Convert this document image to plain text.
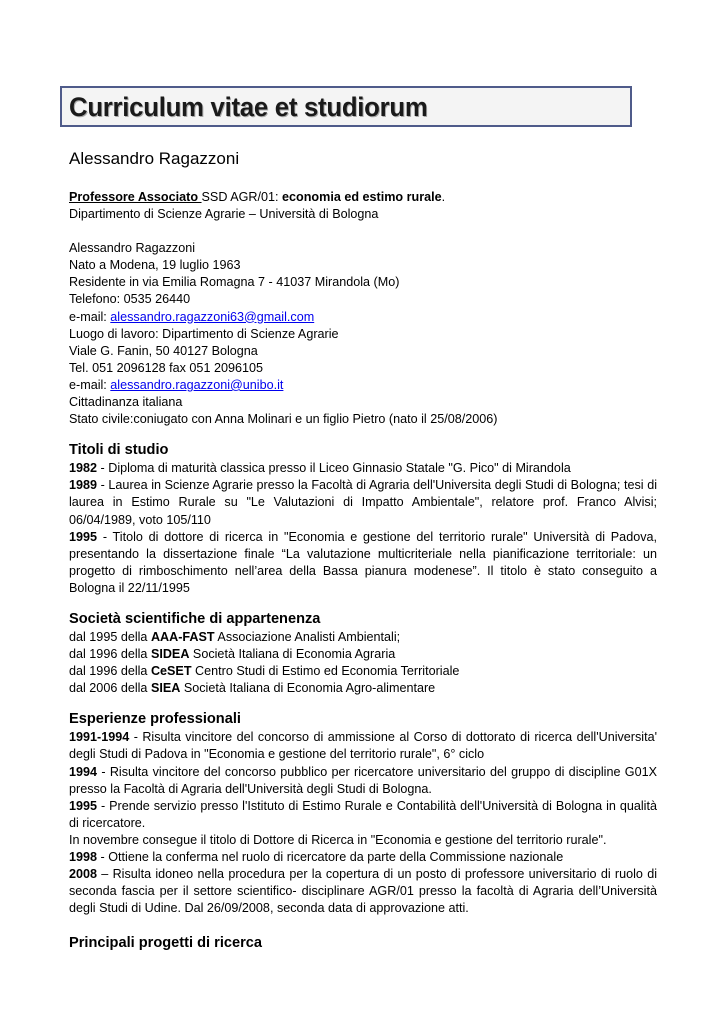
Curriculum vitae et studiorum
Alessandro Ragazzoni
Professore Associato SSD AGR/01: economia ed estimo rurale.
Dipartimento di Scienze Agrarie – Università di Bologna
Alessandro Ragazzoni
Nato a Modena, 19 luglio 1963
Residente in via Emilia Romagna 7 - 41037 Mirandola (Mo)
Telefono: 0535 26440
e-mail: alessandro.ragazzoni63@gmail.com
Luogo di lavoro: Dipartimento di Scienze Agrarie
Viale G. Fanin, 50 40127 Bologna
Tel. 051 2096128 fax 051 2096105
e-mail: alessandro.ragazzoni@unibo.it
Cittadinanza italiana
Stato civile:coniugato con Anna Molinari e un figlio Pietro (nato il 25/08/2006)
Titoli di studio
1982 - Diploma di maturità classica presso il Liceo Ginnasio Statale "G. Pico" di Mirandola
1989 - Laurea in Scienze Agrarie presso la Facoltà di Agraria dell'Universita degli Studi di Bologna; tesi di laurea in Estimo Rurale su "Le Valutazioni di Impatto Ambientale", relatore prof. Franco Alvisi; 06/04/1989, voto 105/110
1995 - Titolo di dottore di ricerca in "Economia e gestione del territorio rurale" Università di Padova, presentando la dissertazione finale “La valutazione multicriteriale nella pianificazione territoriale: un progetto di rimboschimento nell’area della Bassa pianura modenese”. Il titolo è stato conseguito a Bologna il 22/11/1995
Società scientifiche di appartenenza
dal 1995 della AAA-FAST Associazione Analisti Ambientali;
dal 1996 della SIDEA Società Italiana di Economia Agraria
dal 1996 della CeSET Centro Studi di Estimo ed Economia Territoriale
dal 2006 della SIEA Società Italiana di Economia Agro-alimentare
Esperienze professionali
1991-1994 - Risulta vincitore del concorso di ammissione al Corso di dottorato di ricerca dell'Universita' degli Studi di Padova in "Economia e gestione del territorio rurale", 6° ciclo
1994 - Risulta vincitore del concorso pubblico per ricercatore universitario del gruppo di discipline G01X presso la Facoltà di Agraria dell'Università degli Studi di Bologna.
1995 - Prende servizio presso l'Istituto di Estimo Rurale e Contabilità dell'Università di Bologna in qualità di ricercatore.
In novembre consegue il titolo di Dottore di Ricerca in "Economia e gestione del territorio rurale".
1998 - Ottiene la conferma nel ruolo di ricercatore da parte della Commissione nazionale
2008 – Risulta idoneo nella procedura per la copertura di un posto di professore universitario di ruolo di seconda fascia per il settore scientifico- disciplinare AGR/01 presso la facoltà di Agraria dell’Università degli Studi di Udine. Dal 26/09/2008, seconda data di approvazione atti.
Principali progetti di ricerca
